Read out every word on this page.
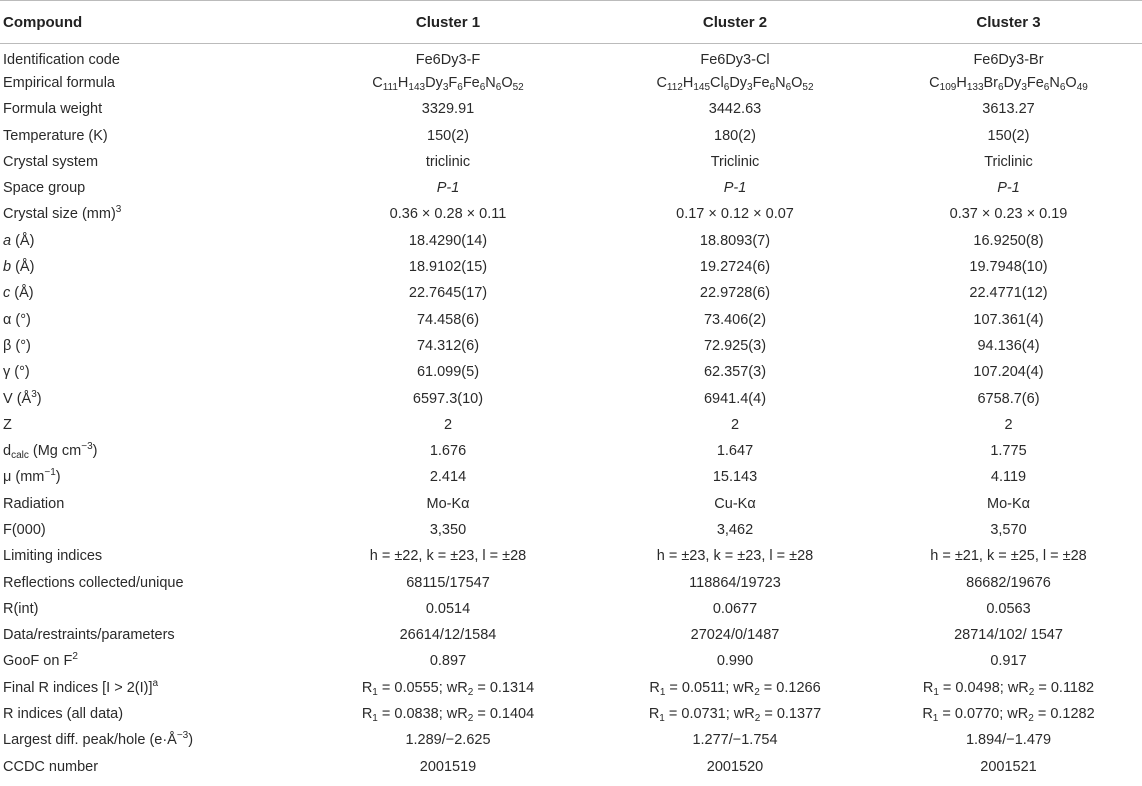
Compound	Cluster 1	Cluster 2	Cluster 3
Identification code	Fe6Dy3-F	Fe6Dy3-Cl	Fe6Dy3-Br
Empirical formula	$C_{111}H_{143}Dy_3F_6Fe_6N_6O_{52}$	$C_{112}H_{145}Cl_6Dy_3Fe_6N_6O_{52}$	$C_{109}H_{133}Br_6Dy_3Fe_6N_6O_{49}$
Formula weight	3329.91	3442.63	3613.27
Temperature (K)	150(2)	180(2)	150(2)
Crystal system	triclinic	Triclinic	Triclinic
Space group	P-1	P-1	P-1
Crystal size (mm)$^3$	0.36 × 0.28 × 0.11	0.17 × 0.12 × 0.07	0.37 × 0.23 × 0.19
a (Å)	18.4290(14)	18.8093(7)	16.9250(8)
b (Å)	18.9102(15)	19.2724(6)	19.7948(10)
c (Å)	22.7645(17)	22.9728(6)	22.4771(12)
α (°)	74.458(6)	73.406(2)	107.361(4)
β (°)	74.312(6)	72.925(3)	94.136(4)
γ (°)	61.099(5)	62.357(3)	107.204(4)
V $(Å^3)$	6597.3(10)	6941.4(4)	6758.7(6)
Z	2	2	2
$d_{calc}$ (Mg $cm^{-3}$)	1.676	1.647	1.775
μ $(mm^{-1})$	2.414	15.143	4.119
Radiation	Mo-Kα	Cu-Kα	Mo-Kα
F(000)	3,350	3,462	3,570
Limiting indices	h = ±22, k = ±23, l = ±28	h = ±23, k = ±23, l = ±28	h = ±21, k = ±25, l = ±28
Reflections collected/unique	68115/17547	118864/19723	86682/19676
R(int)	0.0514	0.0677	0.0563
Data/restraints/parameters	26614/12/1584	27024/0/1487	28714/102/ 1547
GooF on $F^2$	0.897	0.990	0.917
Final R indices [I > 2(I)]$^a$	$R_1 = 0.0555$; $wR_2 = 0.1314$	$R_1 = 0.0511$; $wR_2 = 0.1266$	$R_1 = 0.0498$; $wR_2 = 0.1182$
R indices (all data)	$R_1 = 0.0838$; $wR_2 = 0.1404$	$R_1 = 0.0731$; $wR_2 = 0.1377$	$R_1 = 0.0770$; $wR_2 = 0.1282$
Largest diff. peak/hole $(e\cdot Å^{-3})$	1.289/−2.625	1.277/−1.754	1.894/−1.479
CCDC number	2001519	2001520	2001521
